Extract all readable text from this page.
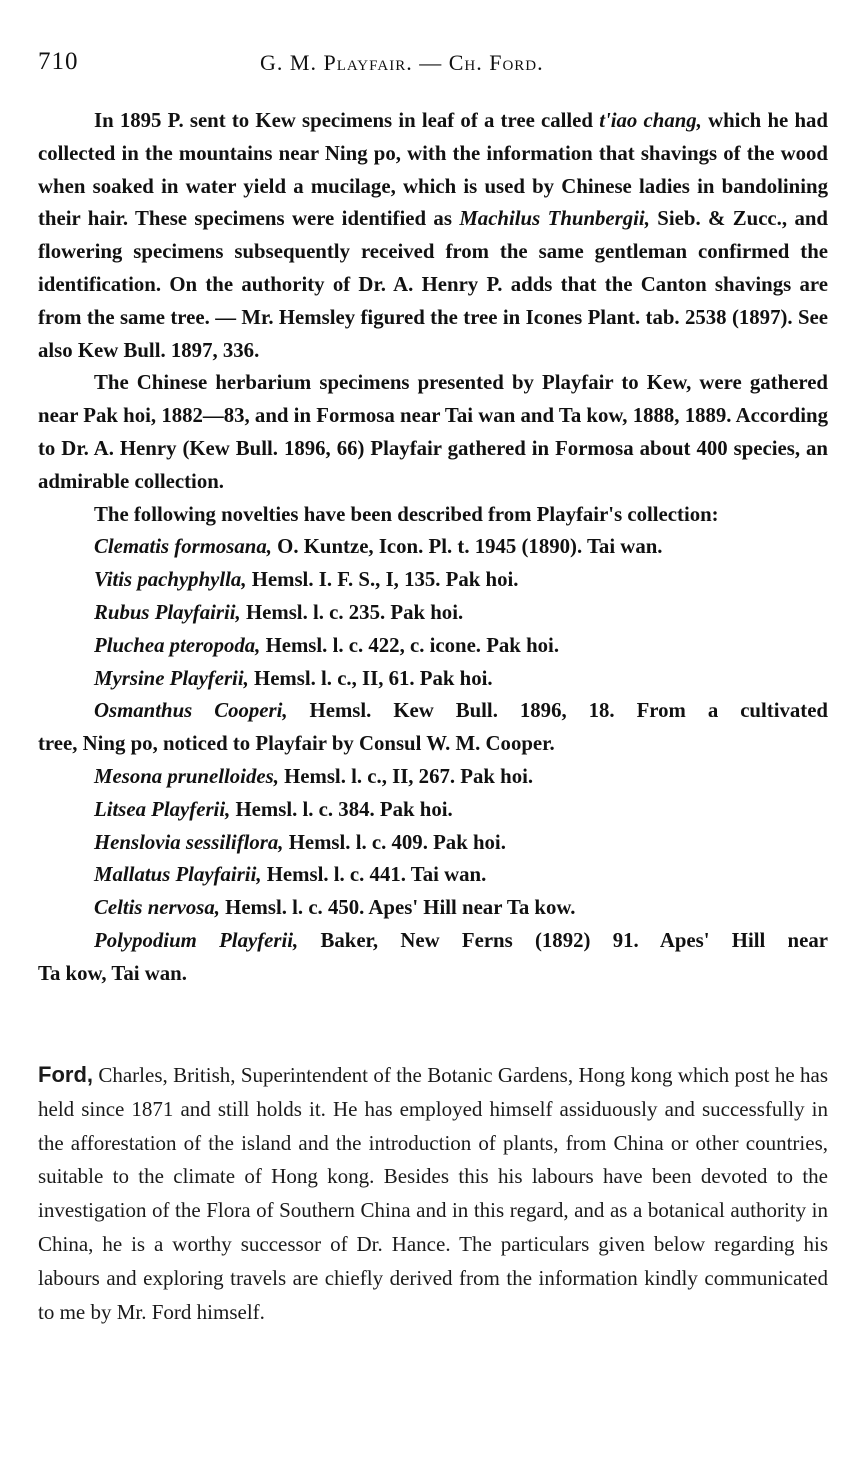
710	G. M. Playfair. — Ch. Ford.

In 1895 P. sent to Kew specimens in leaf of a tree called t'iao chang, which he had collected in the mountains near Ning po, with the information that shavings of the wood when soaked in water yield a mucilage, which is used by Chinese ladies in bandolining their hair. These specimens were identified as Machilus Thunbergii, Sieb. & Zucc., and flowering specimens subsequently received from the same gentleman confirmed the identification. On the authority of Dr. A. Henry P. adds that the Canton shavings are from the same tree. — Mr. Hemsley figured the tree in Icones Plant. tab. 2538 (1897). See also Kew Bull. 1897, 336.

The Chinese herbarium specimens presented by Playfair to Kew, were gathered near Pak hoi, 1882—83, and in Formosa near Tai wan and Ta kow, 1888, 1889. According to Dr. A. Henry (Kew Bull. 1896, 66) Playfair gathered in Formosa about 400 species, an admirable collection.

The following novelties have been described from Playfair's collection:

Clematis formosana, O. Kuntze, Icon. Pl. t. 1945 (1890). Tai wan.

Vitis pachyphylla, Hemsl. I. F. S., I, 135. Pak hoi.

Rubus Playfairii, Hemsl. l. c. 235. Pak hoi.

Pluchea pteropoda, Hemsl. l. c. 422, c. icone. Pak hoi.

Myrsine Playferii, Hemsl. l. c., II, 61. Pak hoi.

Osmanthus Cooperi, Hemsl. Kew Bull. 1896, 18. From a cultivated

tree, Ning po, noticed to Playfair by Consul W. M. Cooper.

Mesona prunelloides, Hemsl. l. c., II, 267. Pak hoi.

Litsea Playferii, Hemsl. l. c. 384. Pak hoi.

Henslovia sessiliflora, Hemsl. l. c. 409. Pak hoi.

Mallatus Playfairii, Hemsl. l. c. 441. Tai wan.

Celtis nervosa, Hemsl. l. c. 450. Apes' Hill near Ta kow.

Polypodium Playferii, Baker, New Ferns (1892) 91. Apes' Hill near

Ta kow, Tai wan.

Ford, Charles, British, Superintendent of the Botanic Gardens, Hong kong which post he has held since 1871 and still holds it. He has employed himself assiduously and successfully in the afforestation of the island and the introduction of plants, from China or other countries, suitable to the climate of Hong kong. Besides this his labours have been devoted to the investigation of the Flora of Southern China and in this regard, and as a botanical authority in China, he is a worthy successor of Dr. Hance. The particulars given below regarding his labours and exploring travels are chiefly derived from the information kindly communicated to me by Mr. Ford himself.
